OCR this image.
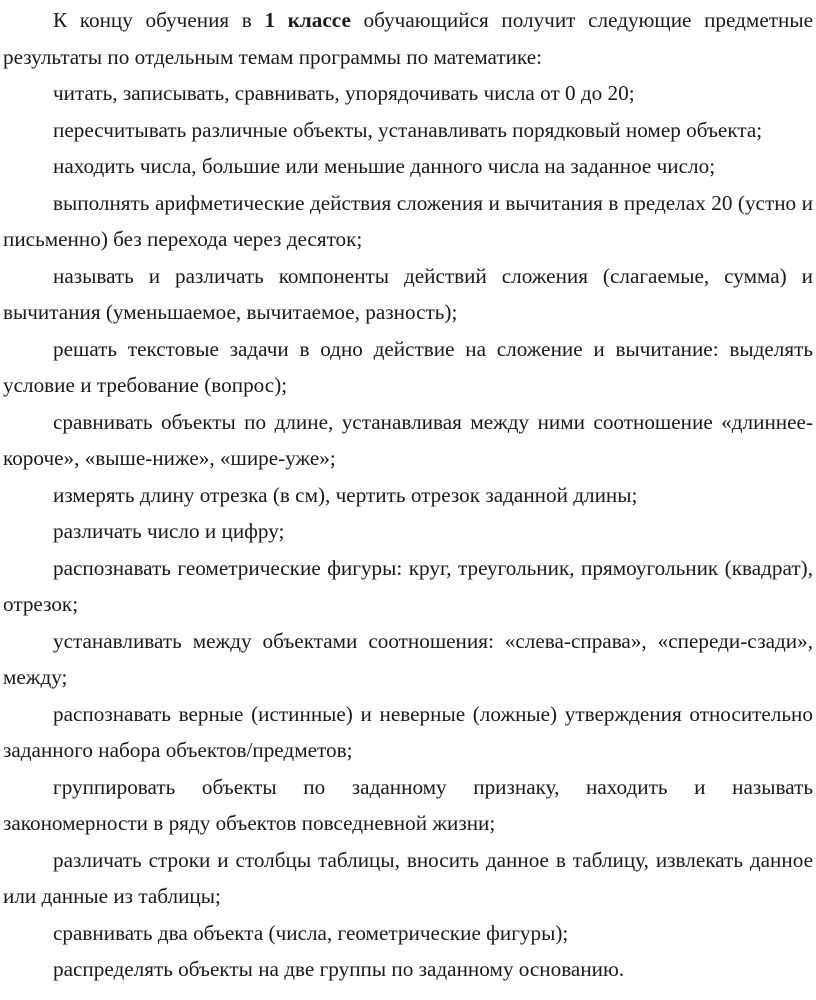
К концу обучения в 1 классе обучающийся получит следующие предметные результаты по отдельным темам программы по математике:

читать, записывать, сравнивать, упорядочивать числа от 0 до 20;

пересчитывать различные объекты, устанавливать порядковый номер объекта;

находить числа, большие или меньшие данного числа на заданное число;

выполнять арифметические действия сложения и вычитания в пределах 20 (устно и письменно) без перехода через десяток;

называть и различать компоненты действий сложения (слагаемые, сумма) и вычитания (уменьшаемое, вычитаемое, разность);

решать текстовые задачи в одно действие на сложение и вычитание: выделять условие и требование (вопрос);

сравнивать объекты по длине, устанавливая между ними соотношение «длиннее-короче», «выше-ниже», «шире-уже»;

измерять длину отрезка (в см), чертить отрезок заданной длины;

различать число и цифру;

распознавать геометрические фигуры: круг, треугольник, прямоугольник (квадрат), отрезок;

устанавливать между объектами соотношения: «слева-справа», «спереди-сзади», между;

распознавать верные (истинные) и неверные (ложные) утверждения относительно заданного набора объектов/предметов;

группировать объекты по заданному признаку, находить и называть закономерности в ряду объектов повседневной жизни;

различать строки и столбцы таблицы, вносить данное в таблицу, извлекать данное или данные из таблицы;

сравнивать два объекта (числа, геометрические фигуры);

распределять объекты на две группы по заданному основанию.
